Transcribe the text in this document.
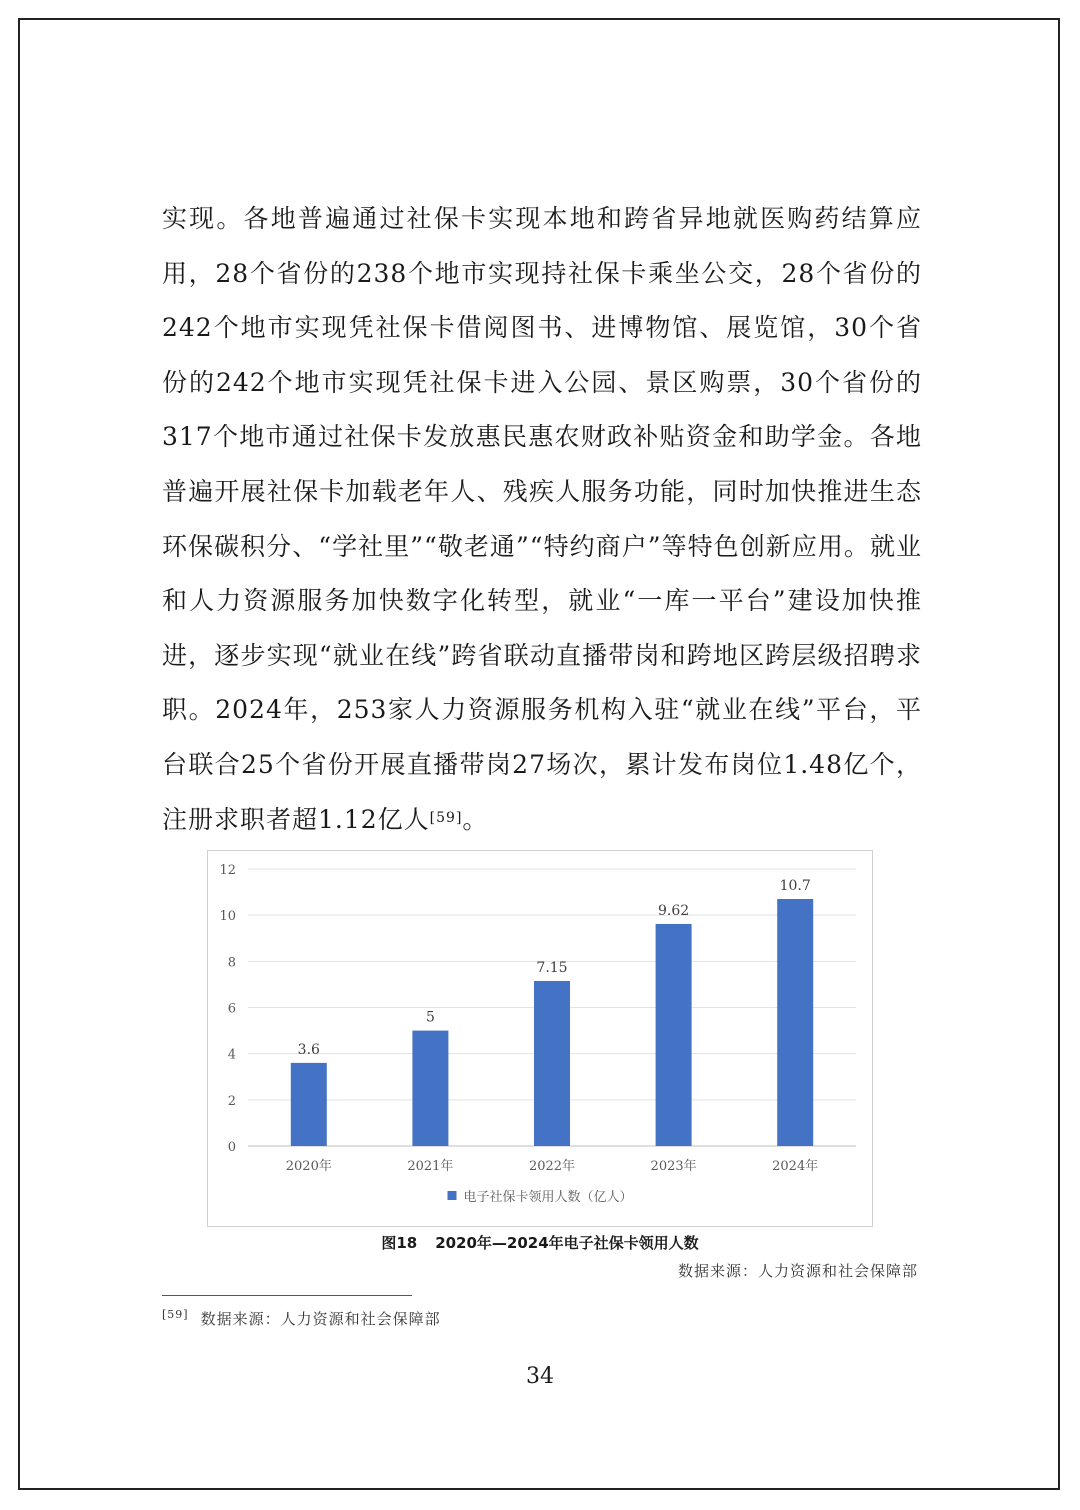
实现。各地普遍通过社保卡实现本地和跨省异地就医购药结算应用，28个省份的238个地市实现持社保卡乘坐公交，28个省份的242个地市实现凭社保卡借阅图书、进博物馆、展览馆，30个省份的242个地市实现凭社保卡进入公园、景区购票，30个省份的317个地市通过社保卡发放惠民惠农财政补贴资金和助学金。各地普遍开展社保卡加载老年人、残疾人服务功能，同时加快推进生态环保碳积分、“学社里”“敬老通”“特约商户”等特色创新应用。就业和人力资源服务加快数字化转型，就业“一库一平台”建设加快推进，逐步实现“就业在线”跨省联动直播带岗和跨地区跨层级招聘求职。2024年，253家人力资源服务机构入驻“就业在线”平台，平台联合25个省份开展直播带岗27场次，累计发布岗位1.48亿个，注册求职者超1.12亿人[59]。

0
2
4
6
8
10
12
3.6
2020年
5
2021年
7.15
2022年
9.62
2023年
10.7
2024年
电子社保卡领用人数（亿人）
图18 2020年—2024年电子社保卡领用人数
数据来源：人力资源和社会保障部
[59] 数据来源：人力资源和社会保障部
34
